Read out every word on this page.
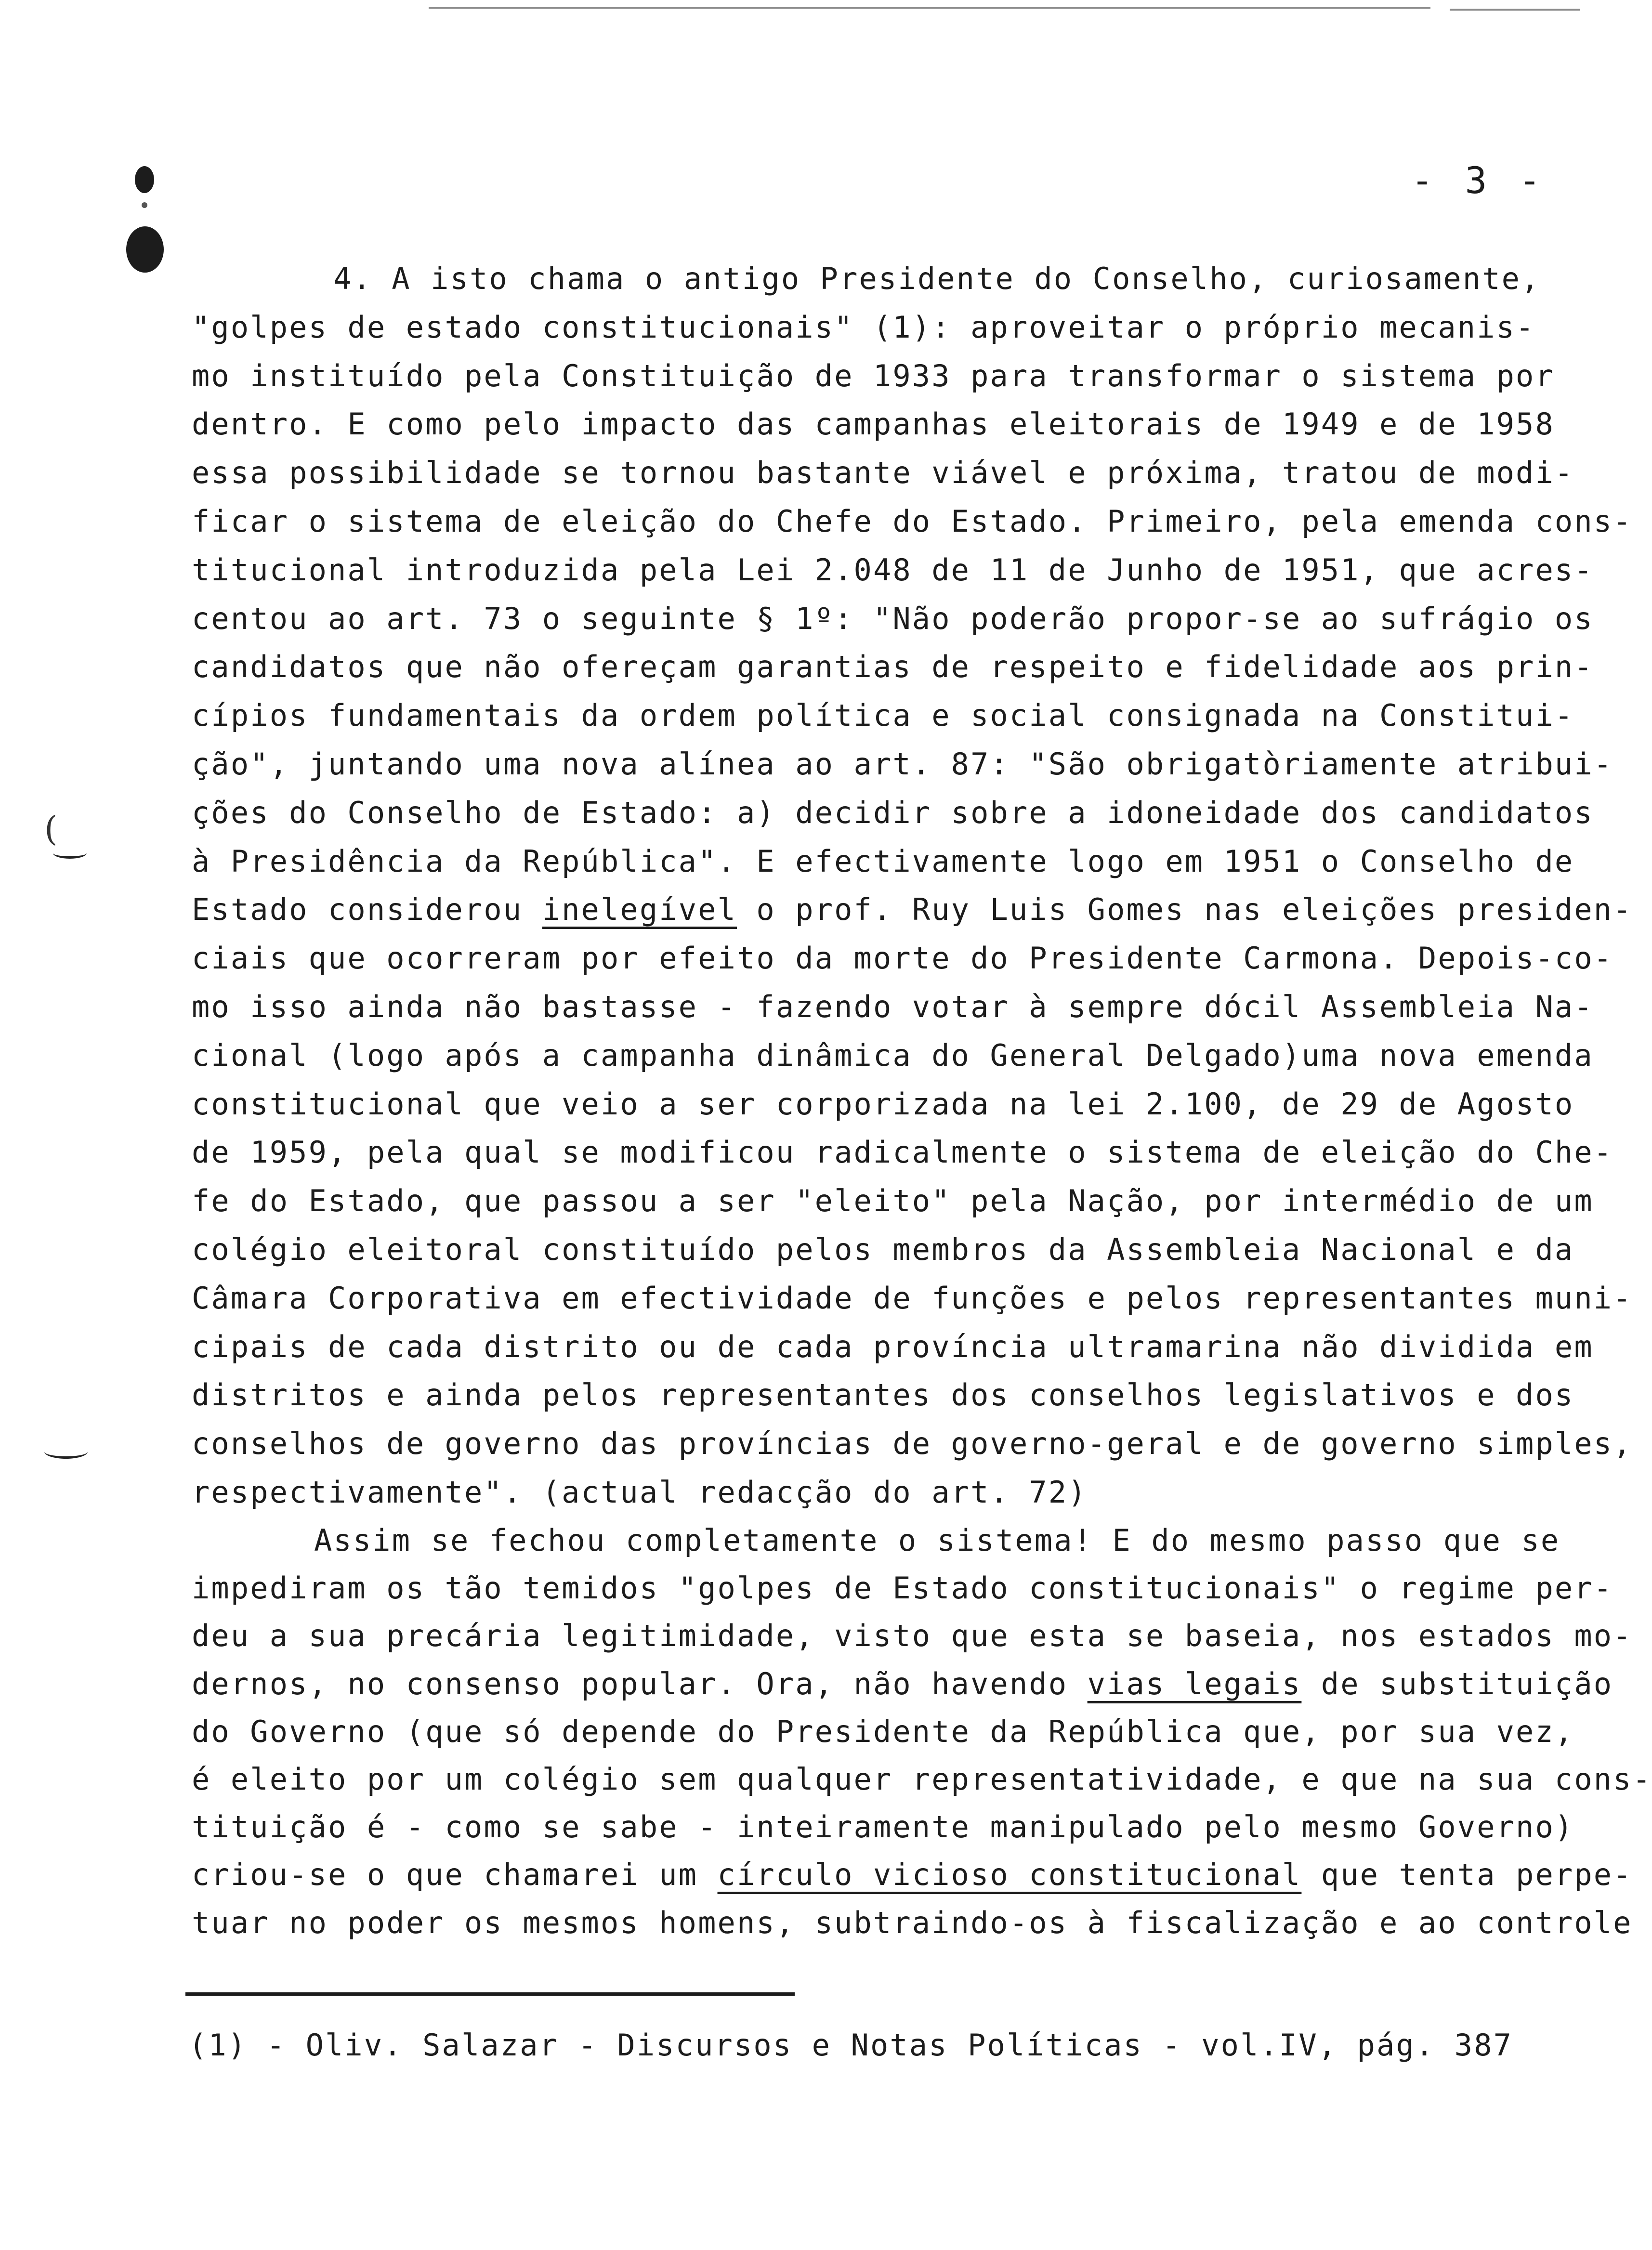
(
- 3 -
4. A isto chama o antigo Presidente do Conselho, curiosamente,
"golpes de estado constitucionais" (1): aproveitar o próprio mecanis-
mo instituído pela Constituição de 1933 para transformar o sistema por
dentro. E como pelo impacto das campanhas eleitorais de 1949 e de 1958
essa possibilidade se tornou bastante viável e próxima, tratou de modi-
ficar o sistema de eleição do Chefe do Estado. Primeiro, pela emenda cons-
titucional introduzida pela Lei 2.048 de 11 de Junho de 1951, que acres-
centou ao art. 73 o seguinte § 1º: "Não poderão propor-se ao sufrágio os
candidatos que não ofereçam garantias de respeito e fidelidade aos prin-
cípios fundamentais da ordem política e social consignada na Constitui-
ção", juntando uma nova alínea ao art. 87: "São obrigatòriamente atribui-
ções do Conselho de Estado: a) decidir sobre a idoneidade dos candidatos
à Presidência da República". E efectivamente logo em 1951 o Conselho de
Estado considerou inelegível o prof. Ruy Luis Gomes nas eleições presiden-
ciais que ocorreram por efeito da morte do Presidente Carmona. Depois-co-
mo isso ainda não bastasse - fazendo votar à sempre dócil Assembleia Na-
cional (logo após a campanha dinâmica do General Delgado)uma nova emenda
constitucional que veio a ser corporizada na lei 2.100, de 29 de Agosto
de 1959, pela qual se modificou radicalmente o sistema de eleição do Che-
fe do Estado, que passou a ser "eleito" pela Nação, por intermédio de um
colégio eleitoral constituído pelos membros da Assembleia Nacional e da
Câmara Corporativa em efectividade de funções e pelos representantes muni-
cipais de cada distrito ou de cada província ultramarina não dividida em
distritos e ainda pelos representantes dos conselhos legislativos e dos
conselhos de governo das províncias de governo-geral e de governo simples,
respectivamente". (actual redacção do art. 72)
Assim se fechou completamente o sistema! E do mesmo passo que se
impediram os tão temidos "golpes de Estado constitucionais" o regime per-
deu a sua precária legitimidade, visto que esta se baseia, nos estados mo-
dernos, no consenso popular. Ora, não havendo vias legais de substituição
do Governo (que só depende do Presidente da República que, por sua vez,
é eleito por um colégio sem qualquer representatividade, e que na sua cons-
tituição é - como se sabe - inteiramente manipulado pelo mesmo Governo)
criou-se o que chamarei um círculo vicioso constitucional que tenta perpe-
tuar no poder os mesmos homens, subtraindo-os à fiscalização e ao controle
(1) - Oliv. Salazar - Discursos e Notas Políticas - vol.IV, pág. 387
